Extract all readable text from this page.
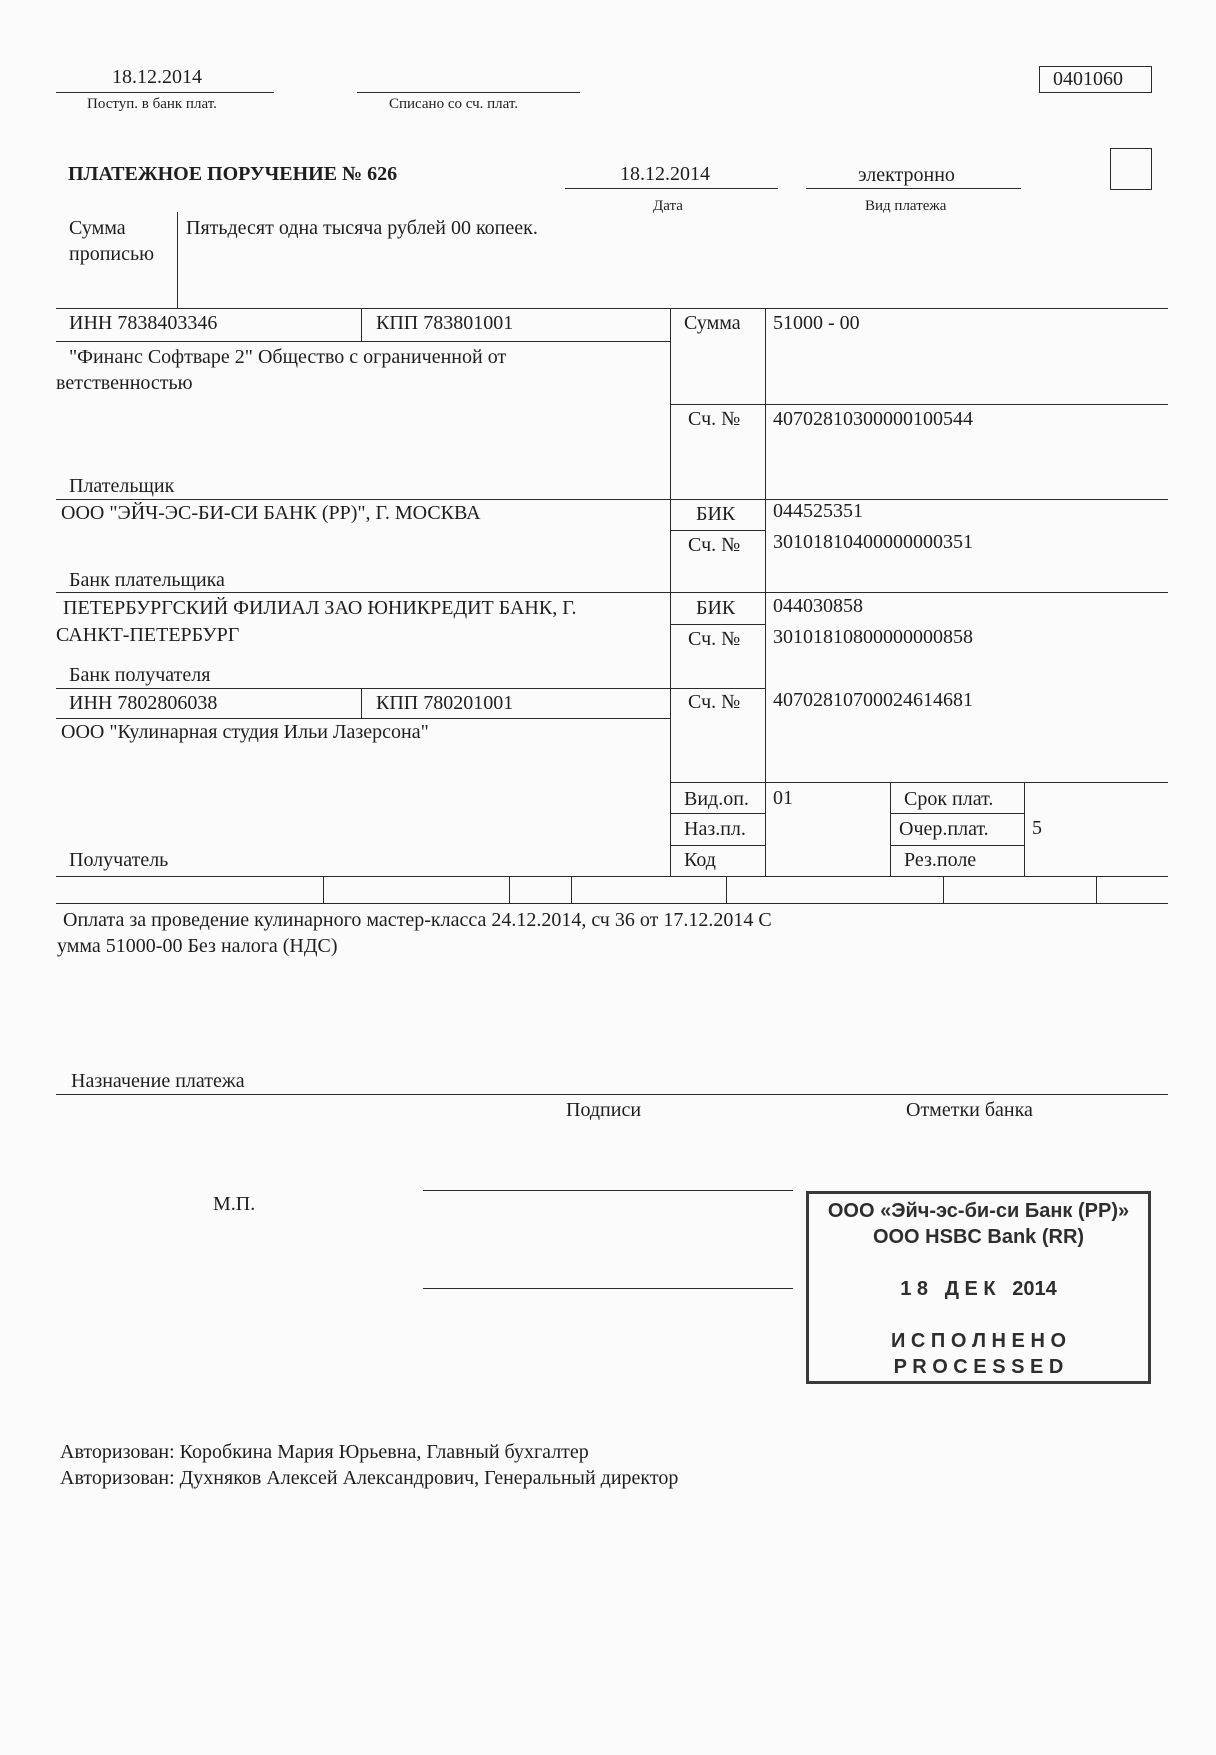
18.12.2014
Поступ. в банк плат.	Списано со сч. плат.
0401060
ПЛАТЕЖНОЕ ПОРУЧЕНИЕ № 626	18.12.2014
Дата
электронно
Вид платежа
Сумма
прописью
Пятьдесят одна тысяча рублей 00 копеек.
ИНН 7838403346	КПП 783801001
"Финанс Софтваре 2" Общество с ограниченной от
ветственностью
Плательщик
Сумма 51000 - 00
Сч. № 40702810300000100544
ООО "ЭЙЧ-ЭС-БИ-СИ БАНК (РР)", Г. МОСКВА
Банк плательщика
БИК 044525351
Сч. № 30101810400000000351
ПЕТЕРБУРГСКИЙ ФИЛИАЛ ЗАО ЮНИКРЕДИТ БАНК, Г.
САНКТ-ПЕТЕРБУРГ
Банк получателя
БИК 044030858
Сч. № 30101810800000000858
ИНН 7802806038	КПП 780201001
ООО "Кулинарная студия Ильи Лазерсона"
Получатель
Сч. № 40702810700024614681
Вид.оп. 01
Наз.пл.
Код
Срок плат.
Очер.плат. 5
Рез.поле
Оплата за проведение кулинарного мастер-класса 24.12.2014, сч 36 от 17.12.2014 С
умма 51000-00 Без налога (НДС)
Назначение платежа
Подписи	Отметки банка
М.П.	ООО «Эйч-эс-би-си Банк (РР)»
ООО HSBC Bank (RR)
1 8   Д Е К   2014
И С П О Л Н Е Н О
P R O C E S S E D
Авторизован: Коробкина Мария Юрьевна, Главный бухгалтер
Авторизован: Духняков Алексей Александрович, Генеральный директор
